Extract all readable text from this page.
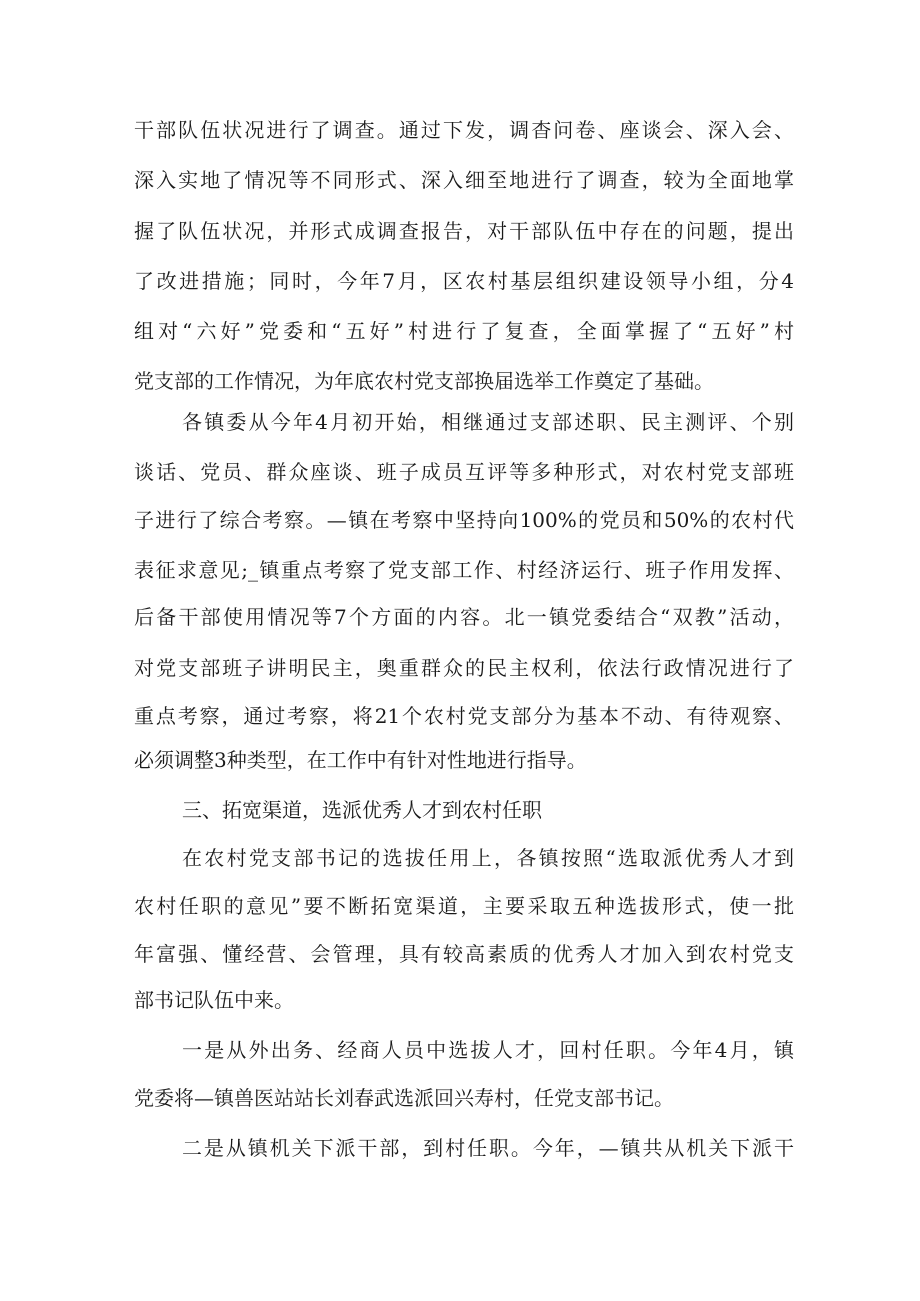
干部队伍状况进行了调查。通过下发，调杳问卷、座谈会、深入会、
深入实地了情况等不同形式、深入细至地进行了调查，较为全面地掌
握了队伍状况，并形式成调查报告，对干部队伍中存在的问题，提出
了改进措施；同时，今年7月，区农村基层组织建设领导小组，分4
组对“六好”党委和“五好”村进行了复查，全面掌握了“五好”村
党支部的工作情况，为年底农村党支部换届选举工作奠定了基础。
各镇委从今年4月初开始，相继通过支部述职、民主测评、个别
谈话、党员、群众座谈、班子成员互评等多种形式，对农村党支部班
子进行了综合考察。—镇在考察中坚持向100%的党员和50%的农村代
表征求意见;_镇重点考察了党支部工作、村经济运行、班子作用发挥、
后备干部使用情况等7个方面的内容。北一镇党委结合“双教”活动，
对党支部班子讲明民主，奥重群众的民主权利，依法行政情况进行了
重点考察，通过考察，将21个农村党支部分为基本不动、有待观察、
必须调整3种类型，在工作中有针对性地进行指导。
三、拓宽渠道，选派优秀人才到农村任职
在农村党支部书记的选拔任用上，各镇按照“选取派优秀人才到
农村任职的意见”要不断拓宽渠道，主要采取五种选拔形式，使一批
年富强、懂经营、会管理，具有较高素质的优秀人才加入到农村党支
部书记队伍中来。
一是从外出务、经商人员中选拔人才，回村任职。今年4月，镇
党委将—镇兽医站站长刘春武选派回兴寿村，任党支部书记。
二是从镇机关下派干部，到村任职。今年，—镇共从机关下派干
